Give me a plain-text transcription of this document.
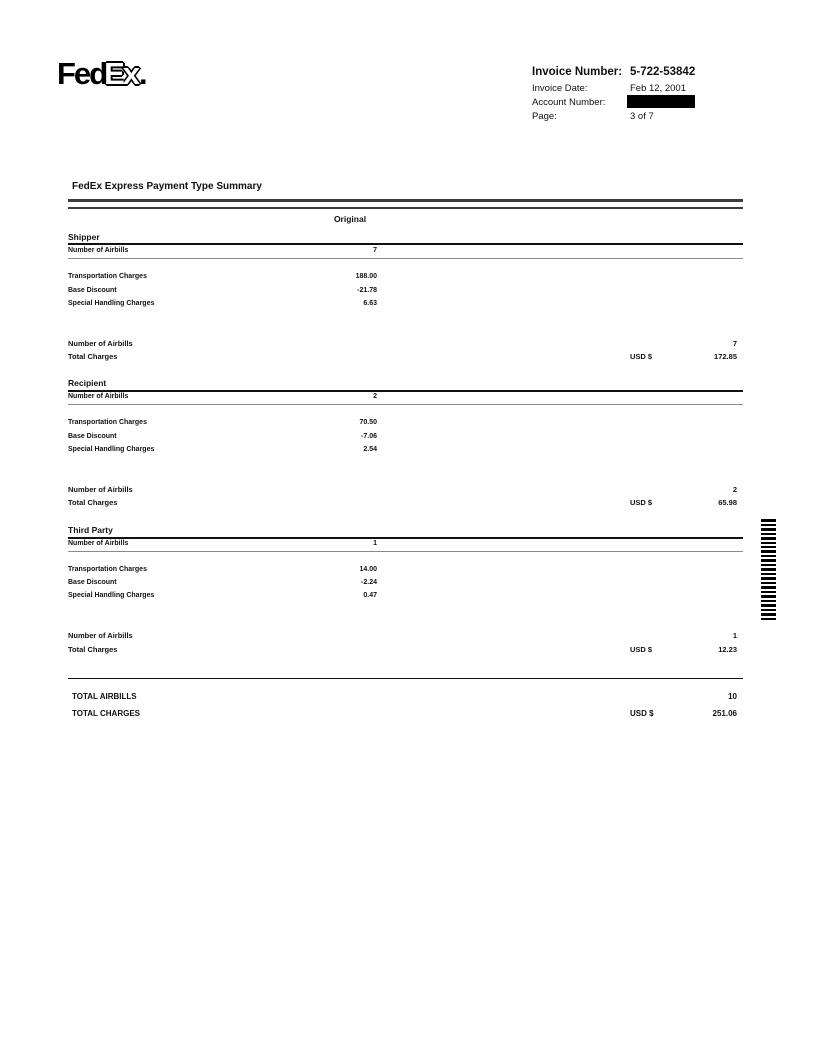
FedEx.	Invoice Number: 5-722-53842
Invoice Date:	Feb 12, 2001
Account Number:
Page:	3 of 7
FedEx Express Payment Type Summary
Original
Shipper
Number of Airbills	7
Transportation Charges	188.00
Base Discount	-21.78
Special Handling Charges	6.63
Number of Airbills	7
Total Charges	USD $	172.85
Recipient
Number of Airbills	2
Transportation Charges	70.50
Base Discount	-7.06
Special Handling Charges	2.54
Number of Airbills	2
Total Charges	USD $	65.98
Third Party
Number of Airbills	1
Transportation Charges	14.00
Base Discount	-2.24
Special Handling Charges	0.47
Number of Airbills	1
Total Charges	USD $	12.23
TOTAL AIRBILLS	10
TOTAL CHARGES	USD $	251.06
